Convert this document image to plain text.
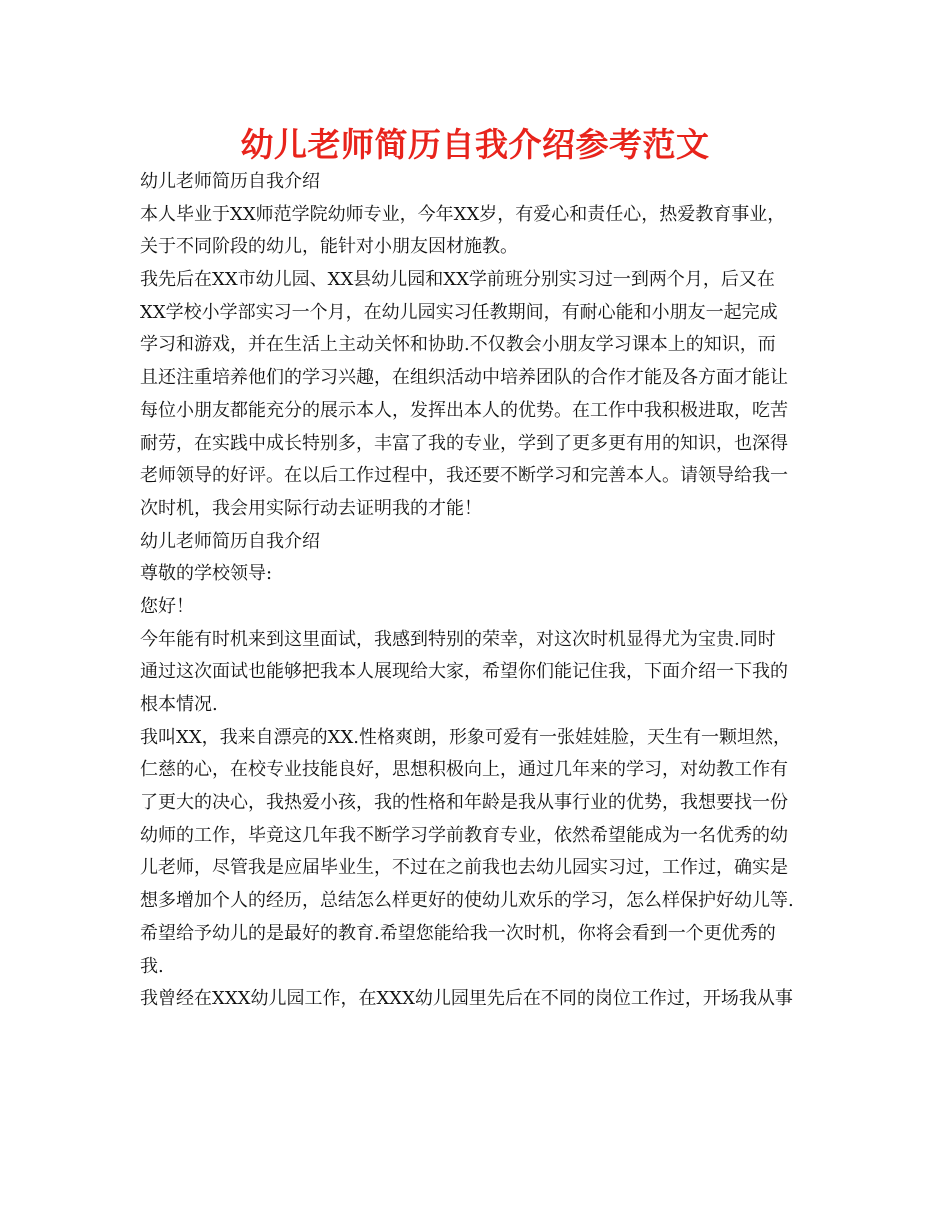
幼儿老师简历自我介绍参考范文
幼儿老师简历自我介绍
本人毕业于XX师范学院幼师专业，今年XX岁，有爱心和责任心，热爱教育事业，
关于不同阶段的幼儿，能针对小朋友因材施教。
我先后在XX市幼儿园、XX县幼儿园和XX学前班分别实习过一到两个月，后又在
XX学校小学部实习一个月，在幼儿园实习任教期间，有耐心能和小朋友一起完成
学习和游戏，并在生活上主动关怀和协助.不仅教会小朋友学习课本上的知识，而
且还注重培养他们的学习兴趣，在组织活动中培养团队的合作才能及各方面才能让
每位小朋友都能充分的展示本人，发挥出本人的优势。在工作中我积极进取，吃苦
耐劳，在实践中成长特别多，丰富了我的专业，学到了更多更有用的知识，也深得
老师领导的好评。在以后工作过程中，我还要不断学习和完善本人。请领导给我一
次时机，我会用实际行动去证明我的才能！
幼儿老师简历自我介绍
尊敬的学校领导:
您好！
今年能有时机来到这里面试，我感到特别的荣幸，对这次时机显得尤为宝贵.同时
通过这次面试也能够把我本人展现给大家，希望你们能记住我，下面介绍一下我的
根本情况.
我叫XX，我来自漂亮的XX.性格爽朗，形象可爱有一张娃娃脸，天生有一颗坦然，
仁慈的心，在校专业技能良好，思想积极向上，通过几年来的学习，对幼教工作有
了更大的决心，我热爱小孩，我的性格和年龄是我从事行业的优势，我想要找一份
幼师的工作，毕竟这几年我不断学习学前教育专业，依然希望能成为一名优秀的幼
儿老师，尽管我是应届毕业生，不过在之前我也去幼儿园实习过，工作过，确实是
想多增加个人的经历，总结怎么样更好的使幼儿欢乐的学习，怎么样保护好幼儿等.
希望给予幼儿的是最好的教育.希望您能给我一次时机，你将会看到一个更优秀的
我.
我曾经在XXX幼儿园工作，在XXX幼儿园里先后在不同的岗位工作过，开场我从事
